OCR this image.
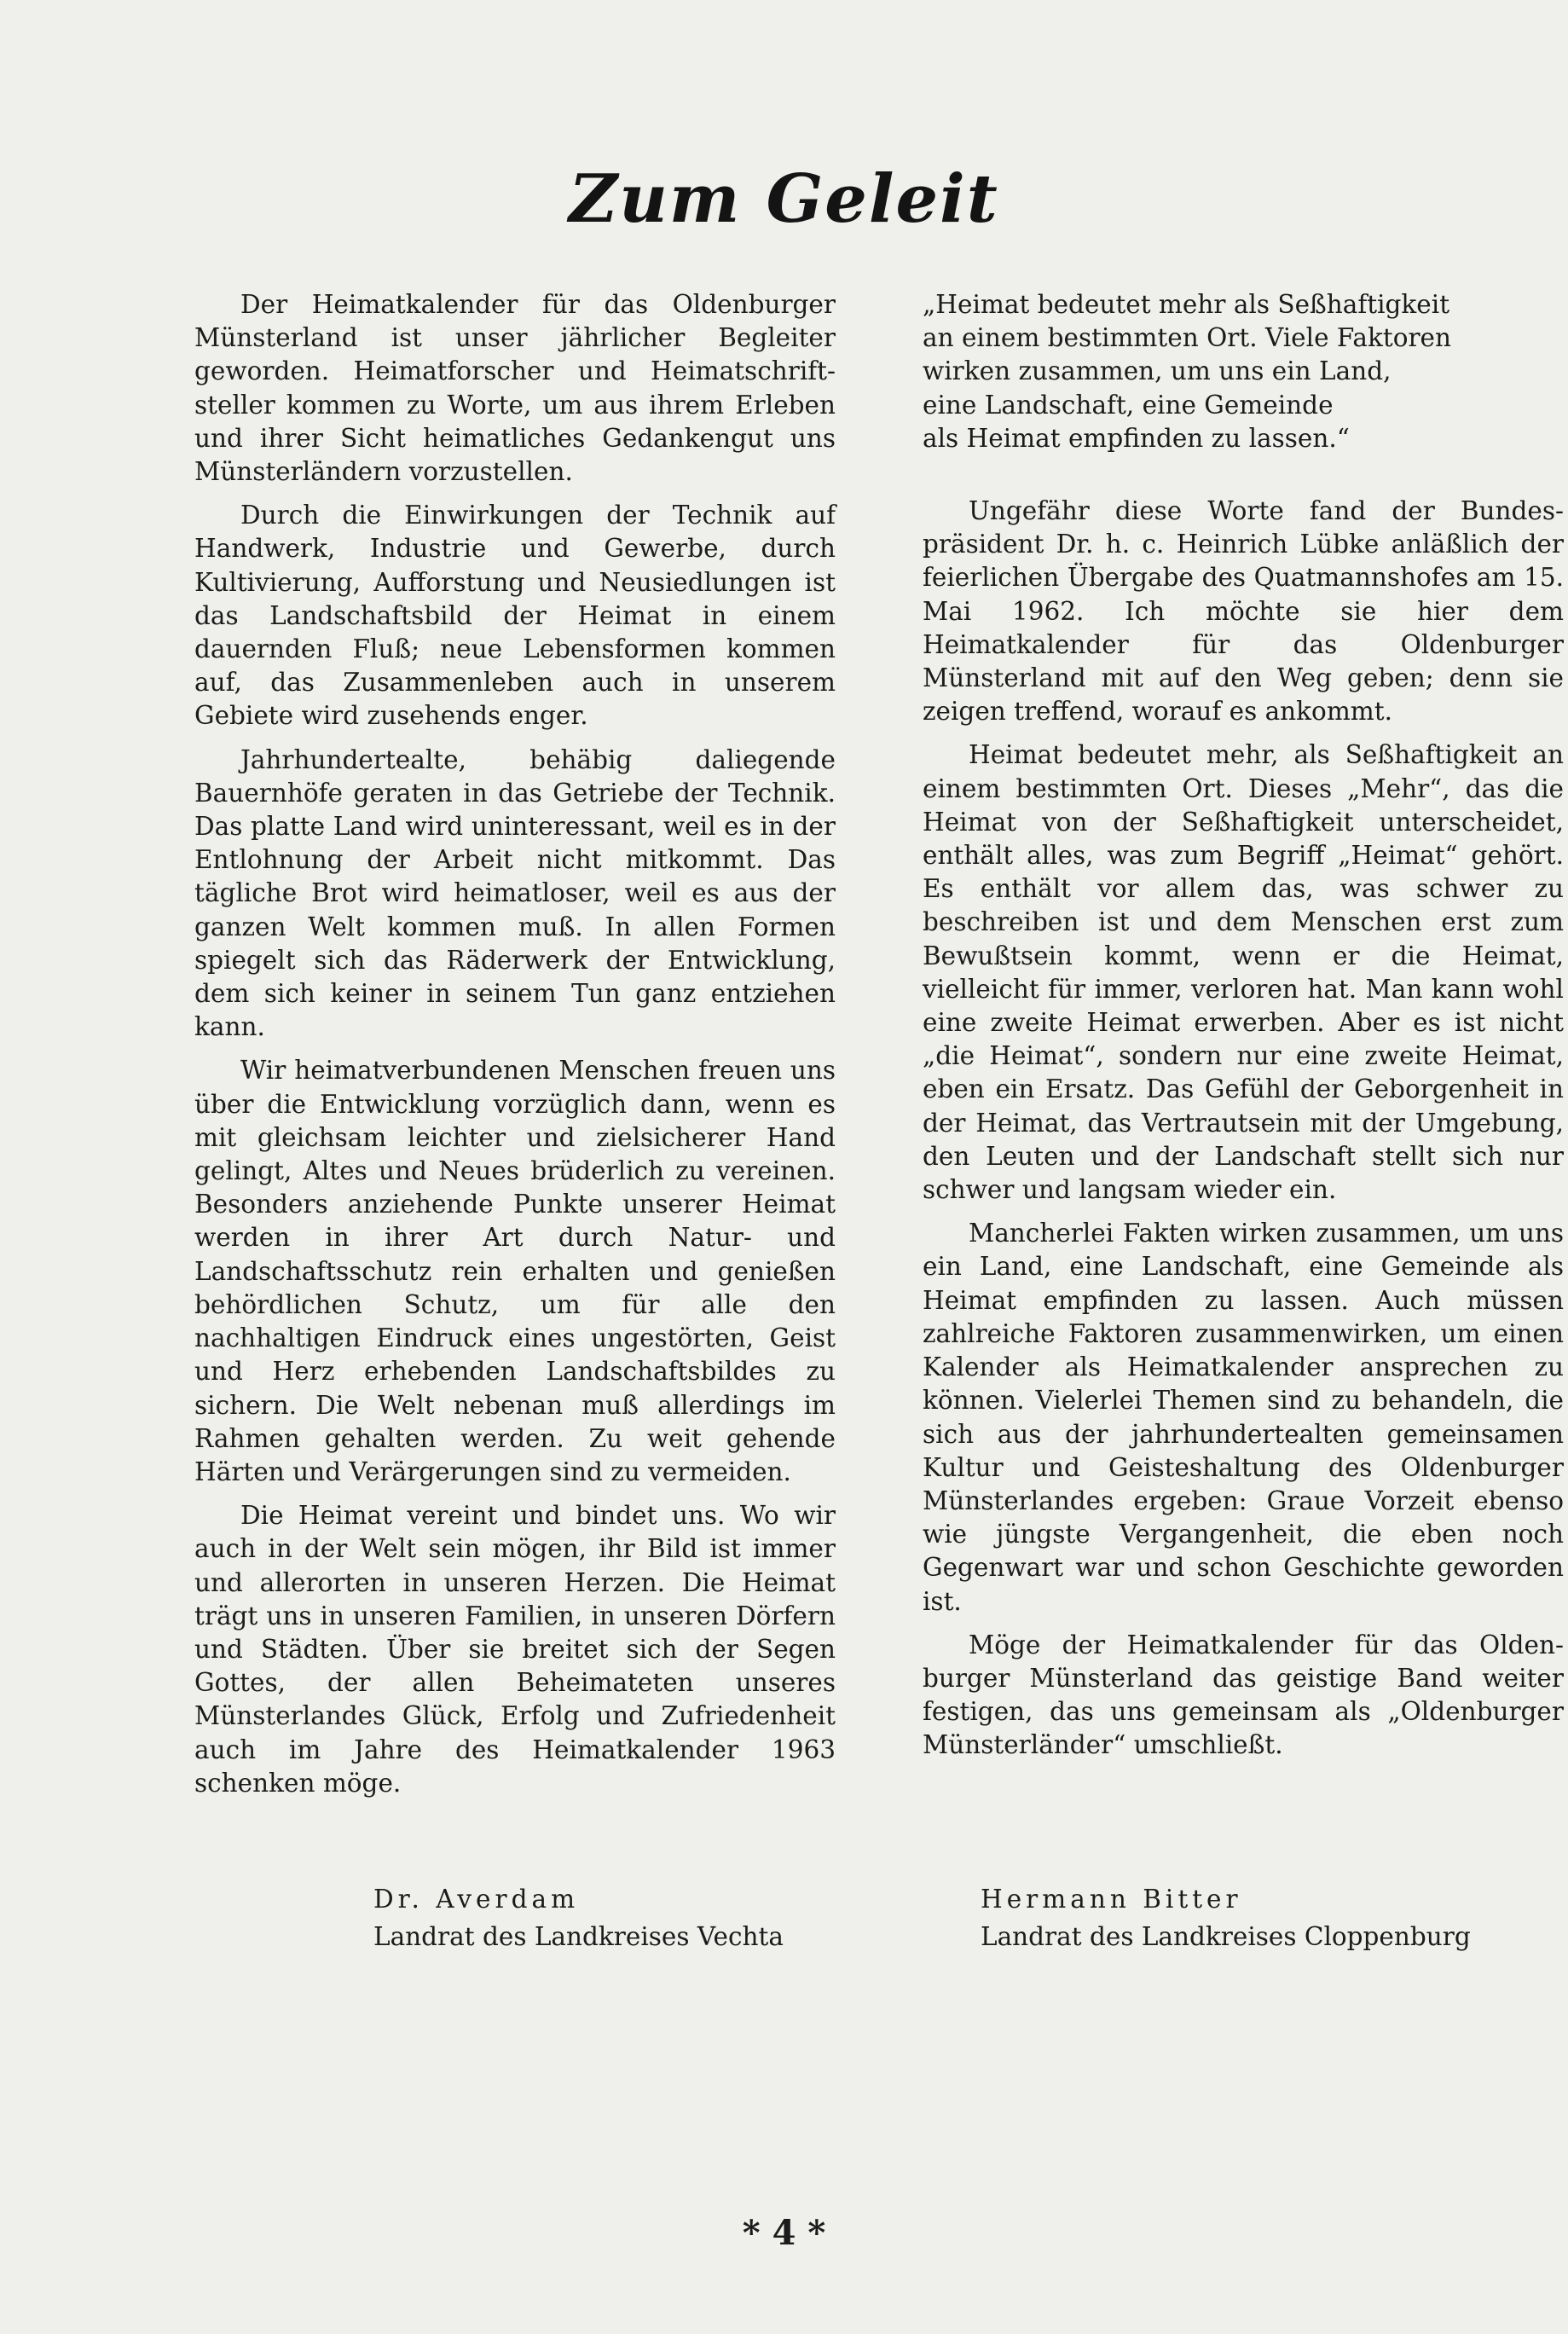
Zum Geleit

Der Heimatkalender für das Oldenburger Münsterland ist unser jährlicher Begleiter geworden. Heimatforscher und Heimatschriftsteller kommen zu Worte, um aus ihrem Erleben und ihrer Sicht heimatliches Gedankengut uns Münsterländern vorzustellen.

Durch die Einwirkungen der Technik auf Handwerk, Industrie und Gewerbe, durch Kultivierung, Aufforstung und Neusiedlungen ist das Landschaftsbild der Heimat in einem dauernden Fluß; neue Lebensformen kommen auf, das Zusammenleben auch in unserem Gebiete wird zusehends enger.

Jahrhundertealte, behäbig daliegende Bauernhöfe geraten in das Getriebe der Technik. Das platte Land wird uninteressant, weil es in der Entlohnung der Arbeit nicht mitkommt. Das tägliche Brot wird heimatloser, weil es aus der ganzen Welt kommen muß. In allen Formen spiegelt sich das Räderwerk der Entwicklung, dem sich keiner in seinem Tun ganz entziehen kann.

Wir heimatverbundenen Menschen freuen uns über die Entwicklung vorzüglich dann, wenn es mit gleichsam leichter und zielsicherer Hand gelingt, Altes und Neues brüderlich zu vereinen. Besonders anziehende Punkte unserer Heimat werden in ihrer Art durch Natur- und Landschaftsschutz rein erhalten und genießen behördlichen Schutz, um für alle den nachhaltigen Eindruck eines ungestörten, Geist und Herz erhebenden Landschaftsbildes zu sichern. Die Welt nebenan muß allerdings im Rahmen gehalten werden. Zu weit gehende Härten und Verärgerungen sind zu vermeiden.

Die Heimat vereint und bindet uns. Wo wir auch in der Welt sein mögen, ihr Bild ist immer und allerorten in unseren Herzen. Die Heimat trägt uns in unseren Familien, in unseren Dörfern und Städten. Über sie breitet sich der Segen Gottes, der allen Beheimateten unseres Münsterlandes Glück, Erfolg und Zufriedenheit auch im Jahre des Heimatkalender 1963 schenken möge.

„Heimat bedeutet mehr als Seßhaftigkeit
an einem bestimmten Ort. Viele Faktoren
wirken zusammen, um uns ein Land,
eine Landschaft, eine Gemeinde
als Heimat empfinden zu lassen.“

Ungefähr diese Worte fand der Bundespräsident Dr. h. c. Heinrich Lübke anläßlich der feierlichen Übergabe des Quatmannshofes am 15. Mai 1962. Ich möchte sie hier dem Heimatkalender für das Oldenburger Münsterland mit auf den Weg geben; denn sie zeigen treffend, worauf es ankommt.

Heimat bedeutet mehr, als Seßhaftigkeit an einem bestimmten Ort. Dieses „Mehr“, das die Heimat von der Seßhaftigkeit unterscheidet, enthält alles, was zum Begriff „Heimat“ gehört. Es enthält vor allem das, was schwer zu beschreiben ist und dem Menschen erst zum Bewußtsein kommt, wenn er die Heimat, vielleicht für immer, verloren hat. Man kann wohl eine zweite Heimat erwerben. Aber es ist nicht „die Heimat“, sondern nur eine zweite Heimat, eben ein Ersatz. Das Gefühl der Geborgenheit in der Heimat, das Vertrautsein mit der Umgebung, den Leuten und der Landschaft stellt sich nur schwer und langsam wieder ein.

Mancherlei Fakten wirken zusammen, um uns ein Land, eine Landschaft, eine Gemeinde als Heimat empfinden zu lassen. Auch müssen zahlreiche Faktoren zusammenwirken, um einen Kalender als Heimatkalender ansprechen zu können. Vielerlei Themen sind zu behandeln, die sich aus der jahrhundertealten gemeinsamen Kultur und Geisteshaltung des Oldenburger Münsterlandes ergeben: Graue Vorzeit ebenso wie jüngste Vergangenheit, die eben noch Gegenwart war und schon Geschichte geworden ist.

Möge der Heimatkalender für das Oldenburger Münsterland das geistige Band weiter festigen, das uns gemeinsam als „Oldenburger Münsterländer“ umschließt.

Dr. Averdam
Landrat des Landkreises Vechta
Hermann Bitter
Landrat des Landkreises Cloppenburg
* 4 *
